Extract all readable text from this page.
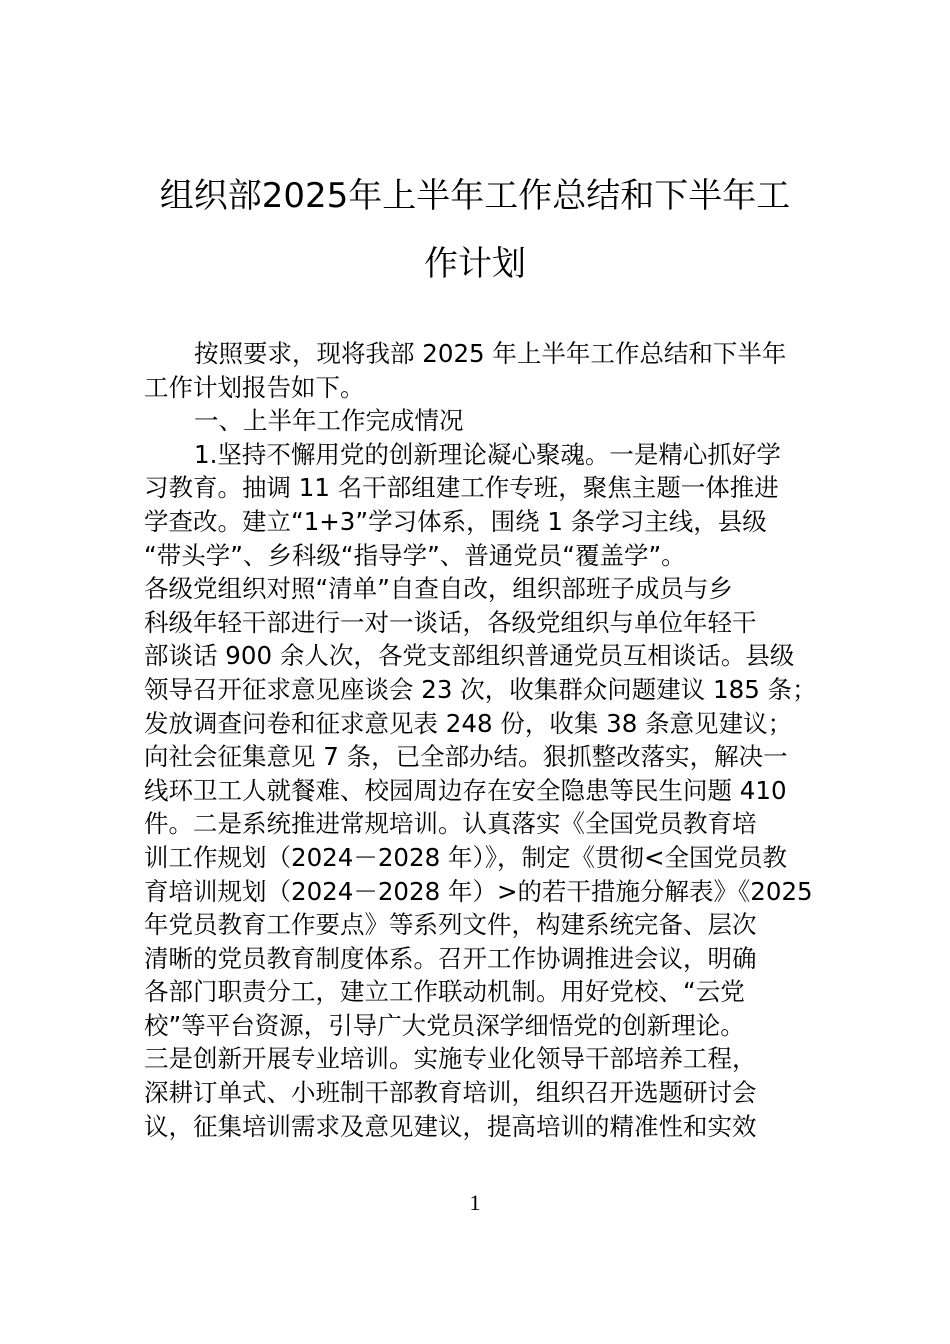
组织部2025年上半年工作总结和下半年工
作计划
按照要求，现将我部 2025 年上半年工作总结和下半年
工作计划报告如下。
一、上半年工作完成情况
1.坚持不懈用党的创新理论凝心聚魂。一是精心抓好学
习教育。抽调 11 名干部组建工作专班，聚焦主题一体推进
学查改。建立“1+3”学习体系，围绕 1 条学习主线，县级
“带头学”、乡科级“指导学”、普通党员“覆盖学”。
各级党组织对照“清单”自查自改，组织部班子成员与乡
科级年轻干部进行一对一谈话，各级党组织与单位年轻干
部谈话 900 余人次，各党支部组织普通党员互相谈话。县级
领导召开征求意见座谈会 23 次，收集群众问题建议 185 条；
发放调查问卷和征求意见表 248 份，收集 38 条意见建议；
向社会征集意见 7 条，已全部办结。狠抓整改落实，解决一
线环卫工人就餐难、校园周边存在安全隐患等民生问题 410
件。二是系统推进常规培训。认真落实《全国党员教育培
训工作规划（2024－2028 年）》，制定《贯彻<全国党员教
育培训规划（2024－2028 年）>的若干措施分解表》《2025
年党员教育工作要点》等系列文件，构建系统完备、层次
清晰的党员教育制度体系。召开工作协调推进会议，明确
各部门职责分工，建立工作联动机制。用好党校、“云党
校”等平台资源，引导广大党员深学细悟党的创新理论。
三是创新开展专业培训。实施专业化领导干部培养工程，
深耕订单式、小班制干部教育培训，组织召开选题研讨会
议，征集培训需求及意见建议，提高培训的精准性和实效
1
